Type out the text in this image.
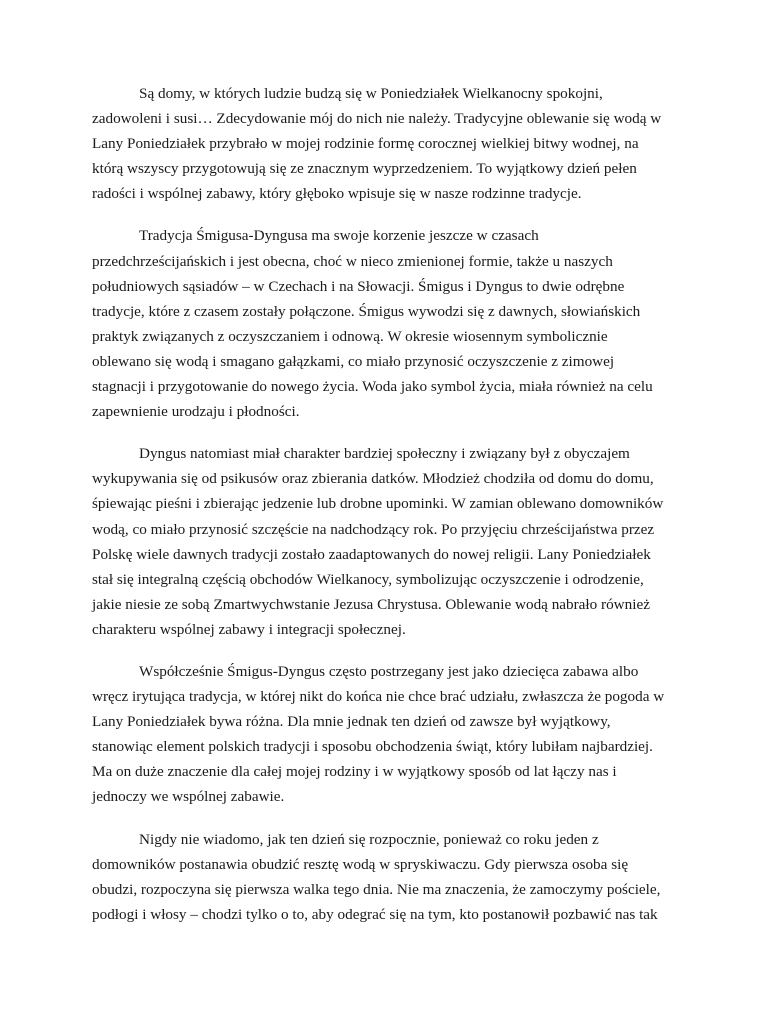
Są domy, w których ludzie budzą się w Poniedziałek Wielkanocny spokojni,
zadowoleni i susi… Zdecydowanie mój do nich nie należy. Tradycyjne oblewanie się wodą w
Lany Poniedziałek przybrało w mojej rodzinie formę corocznej wielkiej bitwy wodnej, na
którą wszyscy przygotowują się ze znacznym wyprzedzeniem. To wyjątkowy dzień pełen
radości i wspólnej zabawy, który głęboko wpisuje się w nasze rodzinne tradycje.

Tradycja Śmigusa-Dyngusa ma swoje korzenie jeszcze w czasach
przedchrześcijańskich i jest obecna, choć w nieco zmienionej formie, także u naszych
południowych sąsiadów – w Czechach i na Słowacji. Śmigus i Dyngus to dwie odrębne
tradycje, które z czasem zostały połączone. Śmigus wywodzi się z dawnych, słowiańskich
praktyk związanych z oczyszczaniem i odnową. W okresie wiosennym symbolicznie
oblewano się wodą i smagano gałązkami, co miało przynosić oczyszczenie z zimowej
stagnacji i przygotowanie do nowego życia. Woda jako symbol życia, miała również na celu
zapewnienie urodzaju i płodności.

Dyngus natomiast miał charakter bardziej społeczny i związany był z obyczajem
wykupywania się od psikusów oraz zbierania datków. Młodzież chodziła od domu do domu,
śpiewając pieśni i zbierając jedzenie lub drobne upominki. W zamian oblewano domowników
wodą, co miało przynosić szczęście na nadchodzący rok. Po przyjęciu chrześcijaństwa przez
Polskę wiele dawnych tradycji zostało zaadaptowanych do nowej religii. Lany Poniedziałek
stał się integralną częścią obchodów Wielkanocy, symbolizując oczyszczenie i odrodzenie,
jakie niesie ze sobą Zmartwychwstanie Jezusa Chrystusa. Oblewanie wodą nabrało również
charakteru wspólnej zabawy i integracji społecznej.

Współcześnie Śmigus-Dyngus często postrzegany jest jako dziecięca zabawa albo
wręcz irytująca tradycja, w której nikt do końca nie chce brać udziału, zwłaszcza że pogoda w
Lany Poniedziałek bywa różna. Dla mnie jednak ten dzień od zawsze był wyjątkowy,
stanowiąc element polskich tradycji i sposobu obchodzenia świąt, który lubiłam najbardziej.
Ma on duże znaczenie dla całej mojej rodziny i w wyjątkowy sposób od lat łączy nas i
jednoczy we wspólnej zabawie.

Nigdy nie wiadomo, jak ten dzień się rozpocznie, ponieważ co roku jeden z
domowników postanawia obudzić resztę wodą w spryskiwaczu. Gdy pierwsza osoba się
obudzi, rozpoczyna się pierwsza walka tego dnia. Nie ma znaczenia, że zamoczymy pościele,
podłogi i włosy – chodzi tylko o to, aby odegrać się na tym, kto postanowił pozbawić nas tak
